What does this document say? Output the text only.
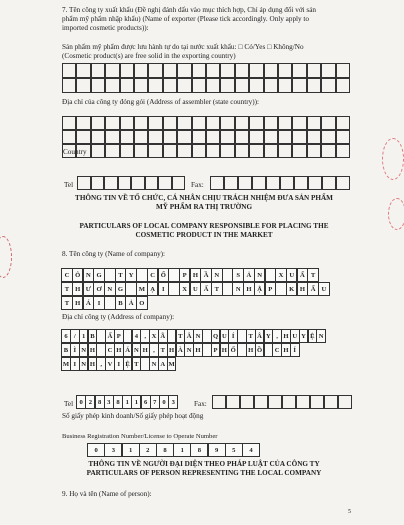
7. Tên công ty xuất khẩu (Đề nghị đánh dấu vào mục thích hợp, Chỉ áp dụng đối với sản
phẩm mỹ phẩm nhập khẩu) (Name of exporter (Please tick accordingly. Only apply to
imported cosmetic products)):
Sản phẩm mỹ phẩm được lưu hành tự do tại nước xuất khẩu: □ Có/Yes □ Không/No
(Cosmetic product(s) are free solid in the exporting country)
Địa chỉ của công ty đóng gói (Address of assembler (state country)):
Country
Tel	Fax:
THÔNG TIN VỀ TỔ CHỨC, CÁ NHÂN CHỊU TRÁCH NHIỆM ĐƯA SẢN PHẨM
MỸ PHẨM RA THỊ TRƯỜNG
PARTICULARS OF LOCAL COMPANY RESPONSIBLE FOR PLACING THE
COSMETIC PRODUCT IN THE MARKET
8. Tên công ty (Name of company):
C Ô N G	T Y	C Ổ	P H Ầ N	S Ả N	X U Ấ T
T H Ư Ơ N G	M Ạ	I	X U Ấ T	N H Ậ P	K H Ẩ U
T H Á	I	B Ả O
Địa chỉ công ty (Address of company):
6 / 1 B	Ấ P	4 , X Ã	T Â N	Q U Í	T Â Y , H U Y Ệ N
B Ì N H	C H Á N H , T H À N H	P H Ố	H Ồ	C H Í
M I N H , V I Ệ T	N A M
Tel 0 2 8 3 8 1 1 6 7 0 3	Fax:
Số giấy phép kinh doanh/Số giấy phép hoạt động
Business Registration Number/License to Operate Number
0	3	1	2	8	1	8	9	5	4
THÔNG TIN VỀ NGƯỜI ĐẠI DIỆN THEO PHÁP LUẬT CỦA CÔNG TY
PARTICULARS OF PERSON REPRESENTING THE LOCAL COMPANY
9. Họ và tên (Name of person):
5
